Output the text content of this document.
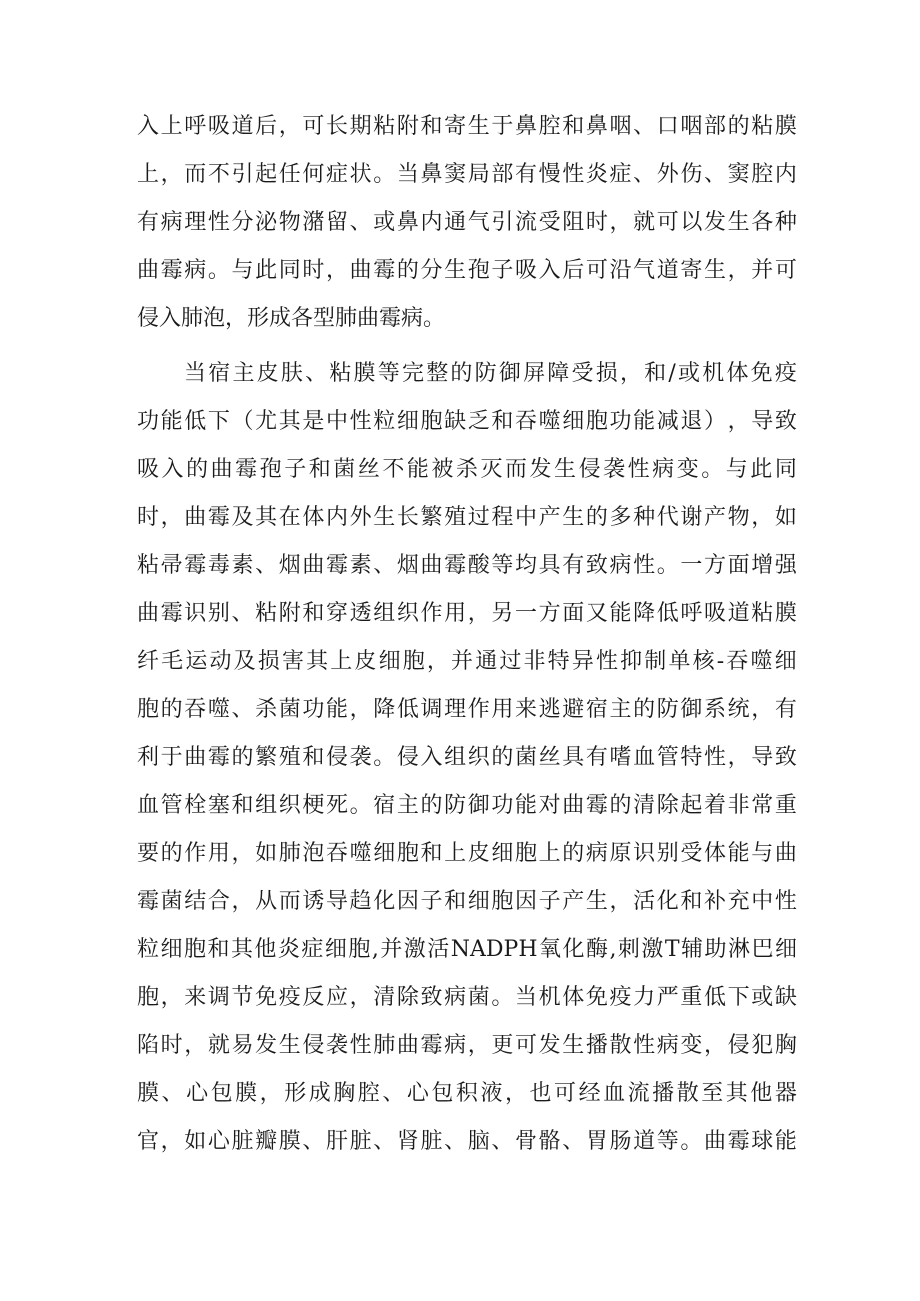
入 上 呼 吸 道 后 ， 可 长 期 粘 附 和 寄 生 于 鼻 腔 和 鼻 咽 、 口 咽 部 的 粘 膜
上 ， 而 不 引 起 任 何 症 状 。 当 鼻 窦 局 部 有 慢 性 炎 症 、 外 伤 、 窦 腔 内
有 病 理 性 分 泌 物 潴 留 、 或 鼻 内 通 气 引 流 受 阻 时 ， 就 可 以 发 生 各 种
曲 霉 病 。 与 此 同 时 ， 曲 霉 的 分 生 孢 子 吸 入 后 可 沿 气 道 寄 生 ， 并 可
侵入肺泡，形成各型肺曲霉病。
当 宿 主 皮 肤 、 粘 膜 等 完 整 的 防 御 屏 障 受 损 ， 和 / 或 机 体 免 疫
功 能 低 下 （ 尤 其 是 中 性 粒 细 胞 缺 乏 和 吞 噬 细 胞 功 能 减 退 ） ， 导 致
吸 入 的 曲 霉 孢 子 和 菌 丝 不 能 被 杀 灭 而 发 生 侵 袭 性 病 变 。 与 此 同
时 ， 曲 霉 及 其 在 体 内 外 生 长 繁 殖 过 程 中 产 生 的 多 种 代 谢 产 物 ， 如
粘 帚 霉 毒 素 、 烟 曲 霉 素 、 烟 曲 霉 酸 等 均 具 有 致 病 性 。 一 方 面 增 强
曲 霉 识 别 、 粘 附 和 穿 透 组 织 作 用 ， 另 一 方 面 又 能 降 低 呼 吸 道 粘 膜
纤 毛 运 动 及 损 害 其 上 皮 细 胞 ， 并 通 过 非 特 异 性 抑 制 单 核 - 吞 噬 细
胞 的 吞 噬 、 杀 菌 功 能 ， 降 低 调 理 作 用 来 逃 避 宿 主 的 防 御 系 统 ， 有
利 于 曲 霉 的 繁 殖 和 侵 袭 。 侵 入 组 织 的 菌 丝 具 有 嗜 血 管 特 性 ， 导 致
血 管 栓 塞 和 组 织 梗 死 。 宿 主 的 防 御 功 能 对 曲 霉 的 清 除 起 着 非 常 重
要 的 作 用 ， 如 肺 泡 吞 噬 细 胞 和 上 皮 细 胞 上 的 病 原 识 别 受 体 能 与 曲
霉 菌 结 合 ， 从 而 诱 导 趋 化 因 子 和 细 胞 因 子 产 生 ， 活 化 和 补 充 中 性
粒 细 胞 和 其 他 炎 症 细 胞 , 并 激 活 NADPH 氧 化 酶 , 刺 激 T 辅 助 淋 巴 细
胞 ， 来 调 节 免 疫 反 应 ， 清 除 致 病 菌 。 当 机 体 免 疫 力 严 重 低 下 或 缺
陷 时 ， 就 易 发 生 侵 袭 性 肺 曲 霉 病 ， 更 可 发 生 播 散 性 病 变 ， 侵 犯 胸
膜 、 心 包 膜 ， 形 成 胸 腔 、 心 包 积 液 ， 也 可 经 血 流 播 散 至 其 他 器
官 ， 如 心 脏 瓣 膜 、 肝 脏 、 肾 脏 、 脑 、 骨 骼 、 胃 肠 道 等 。 曲 霉 球 能
